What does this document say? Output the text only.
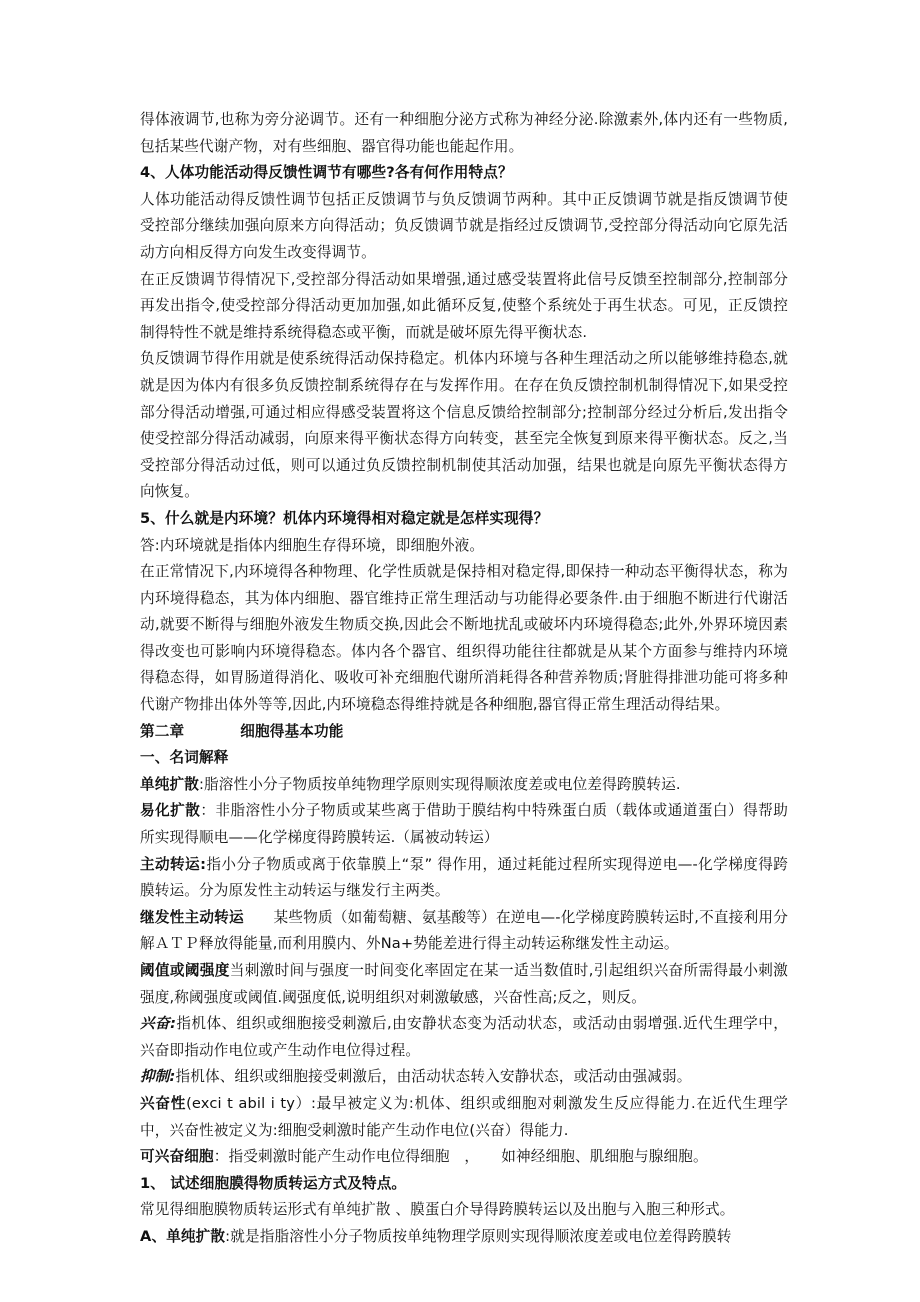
得体液调节,也称为旁分泌调节。还有一种细胞分泌方式称为神经分泌.除激素外,体内还有一些物质,包括某些代谢产物，对有些细胞、器官得功能也能起作用。

4、人体功能活动得反馈性调节有哪些?各有何作用特点？

人体功能活动得反馈性调节包括正反馈调节与负反馈调节两种。其中正反馈调节就是指反馈调节使受控部分继续加强向原来方向得活动；负反馈调节就是指经过反馈调节,受控部分得活动向它原先活动方向相反得方向发生改变得调节。

在正反馈调节得情况下,受控部分得活动如果增强,通过感受装置将此信号反馈至控制部分,控制部分再发出指令,使受控部分得活动更加加强,如此循环反复,使整个系统处于再生状态。可见，正反馈控制得特性不就是维持系统得稳态或平衡，而就是破坏原先得平衡状态.

负反馈调节得作用就是使系统得活动保持稳定。机体内环境与各种生理活动之所以能够维持稳态,就就是因为体内有很多负反馈控制系统得存在与发挥作用。在存在负反馈控制机制得情况下,如果受控部分得活动增强,可通过相应得感受装置将这个信息反馈给控制部分;控制部分经过分析后,发出指令使受控部分得活动减弱，向原来得平衡状态得方向转变，甚至完全恢复到原来得平衡状态。反之,当受控部分得活动过低，则可以通过负反馈控制机制使其活动加强，结果也就是向原先平衡状态得方向恢复。

5、什么就是内环境？机体内环境得相对稳定就是怎样实现得？

答:内环境就是指体内细胞生存得环境，即细胞外液。

在正常情况下,内环境得各种物理、化学性质就是保持相对稳定得,即保持一种动态平衡得状态，称为内环境得稳态，其为体内细胞、器官维持正常生理活动与功能得必要条件.由于细胞不断进行代谢活动,就要不断得与细胞外液发生物质交换,因此会不断地扰乱或破坏内环境得稳态;此外,外界环境因素得改变也可影响内环境得稳态。体内各个器官、组织得功能往往都就是从某个方面参与维持内环境得稳态得，如胃肠道得消化、吸收可补充细胞代谢所消耗得各种营养物质;肾脏得排泄功能可将多种代谢产物排出体外等等,因此,内环境稳态得维持就是各种细胞,器官得正常生理活动得结果。

第二章	细胞得基本功能

一、名词解释

单纯扩散:脂溶性小分子物质按单纯物理学原则实现得顺浓度差或电位差得跨膜转运.

易化扩散：非脂溶性小分子物质或某些离于借助于膜结构中特殊蛋白质（载体或通道蛋白）得帮助所实现得顺电——化学梯度得跨膜转运.（属被动转运）

主动转运:指小分子物质或离于依靠膜上“泵” 得作用，通过耗能过程所实现得逆电—-化学梯度得跨膜转运。分为原发性主动转运与继发行主两类。

继发性主动转运　　某些物质（如葡萄糖、氨基酸等）在逆电—-化学梯度跨膜转运时,不直接利用分解ＡＴＰ释放得能量,而利用膜内、外Na+势能差进行得主动转运称继发性主动运。

阈值或阈强度当刺激时间与强度一时间变化率固定在某一适当数值时,引起组织兴奋所需得最小刺激强度,称阈强度或阈值.阈强度低,说明组织对刺激敏感，兴奋性高;反之，则反。

兴奋:指机体、组织或细胞接受刺激后,由安静状态变为活动状态，或活动由弱增强.近代生理学中，兴奋即指动作电位或产生动作电位得过程。

抑制:指机体、组织或细胞接受刺激后，由活动状态转入安静状态，或活动由强减弱。

兴奋性(exci t abil i ty）:最早被定义为:机体、组织或细胞对刺激发生反应得能力.在近代生理学中，兴奋性被定义为:细胞受刺激时能产生动作电位(兴奋）得能力.

可兴奋细胞：指受刺激时能产生动作电位得细胞　，　　如神经细胞、肌细胞与腺细胞。

1、 试述细胞膜得物质转运方式及特点。

常见得细胞膜物质转运形式有单纯扩散 、膜蛋白介导得跨膜转运以及出胞与入胞三种形式。

A、单纯扩散:就是指脂溶性小分子物质按单纯物理学原则实现得顺浓度差或电位差得跨膜转
